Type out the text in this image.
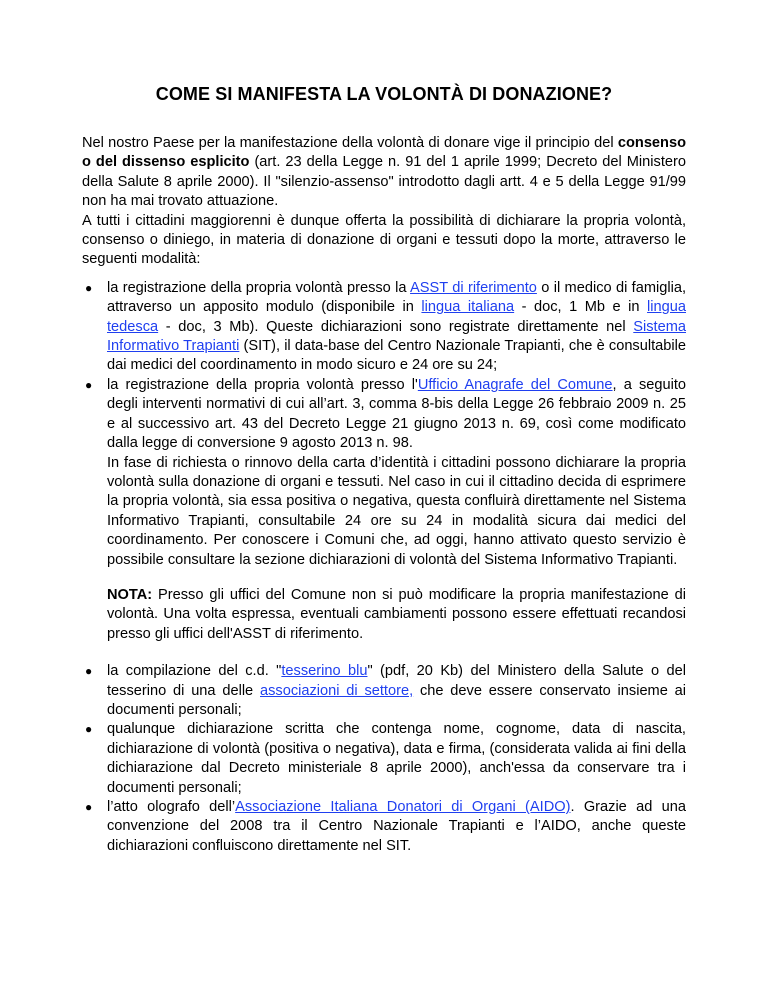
COME SI MANIFESTA LA VOLONTÀ DI DONAZIONE?

Nel nostro Paese per la manifestazione della volontà di donare vige il principio del consenso o del dissenso esplicito (art. 23 della Legge n. 91 del 1 aprile 1999; Decreto del Ministero della Salute 8 aprile 2000). Il "silenzio-assenso" introdotto dagli artt. 4 e 5 della Legge 91/99 non ha mai trovato attuazione.

A tutti i cittadini maggiorenni è dunque offerta la possibilità di dichiarare la propria volontà, consenso o diniego, in materia di donazione di organi e tessuti dopo la morte, attraverso le seguenti modalità:

● la registrazione della propria volontà presso la ASST di riferimento o il medico di famiglia, attraverso un apposito modulo (disponibile in lingua italiana - doc, 1 Mb e in lingua tedesca - doc, 3 Mb). Queste dichiarazioni sono registrate direttamente nel Sistema Informativo Trapianti (SIT), il data-base del Centro Nazionale Trapianti, che è consultabile dai medici del coordinamento in modo sicuro e 24 ore su 24;
● la registrazione della propria volontà presso l'Ufficio Anagrafe del Comune, a seguito degli interventi normativi di cui all’art. 3, comma 8-bis della Legge 26 febbraio 2009 n. 25 e al successivo art. 43 del Decreto Legge 21 giugno 2013 n. 69, così come modificato dalla legge di conversione 9 agosto 2013 n. 98.

In fase di richiesta o rinnovo della carta d’identità i cittadini possono dichiarare la propria volontà sulla donazione di organi e tessuti. Nel caso in cui il cittadino decida di esprimere la propria volontà, sia essa positiva o negativa, questa confluirà direttamente nel Sistema Informativo Trapianti, consultabile 24 ore su 24 in modalità sicura dai medici del coordinamento. Per conoscere i Comuni che, ad oggi, hanno attivato questo servizio è possibile consultare la sezione dichiarazioni di volontà del Sistema Informativo Trapianti.

NOTA: Presso gli uffici del Comune non si può modificare la propria manifestazione di volontà. Una volta espressa, eventuali cambiamenti possono essere effettuati recandosi presso gli uffici dell'ASST di riferimento.

● la compilazione del c.d. "tesserino blu" (pdf, 20 Kb) del Ministero della Salute o del tesserino di una delle associazioni di settore, che deve essere conservato insieme ai documenti personali;
● qualunque dichiarazione scritta che contenga nome, cognome, data di nascita, dichiarazione di volontà (positiva o negativa), data e firma, (considerata valida ai fini della dichiarazione dal Decreto ministeriale 8 aprile 2000), anch'essa da conservare tra i documenti personali;
● l’atto olografo dell’Associazione Italiana Donatori di Organi (AIDO). Grazie ad una convenzione del 2008 tra il Centro Nazionale Trapianti e l’AIDO, anche queste dichiarazioni confluiscono direttamente nel SIT.
